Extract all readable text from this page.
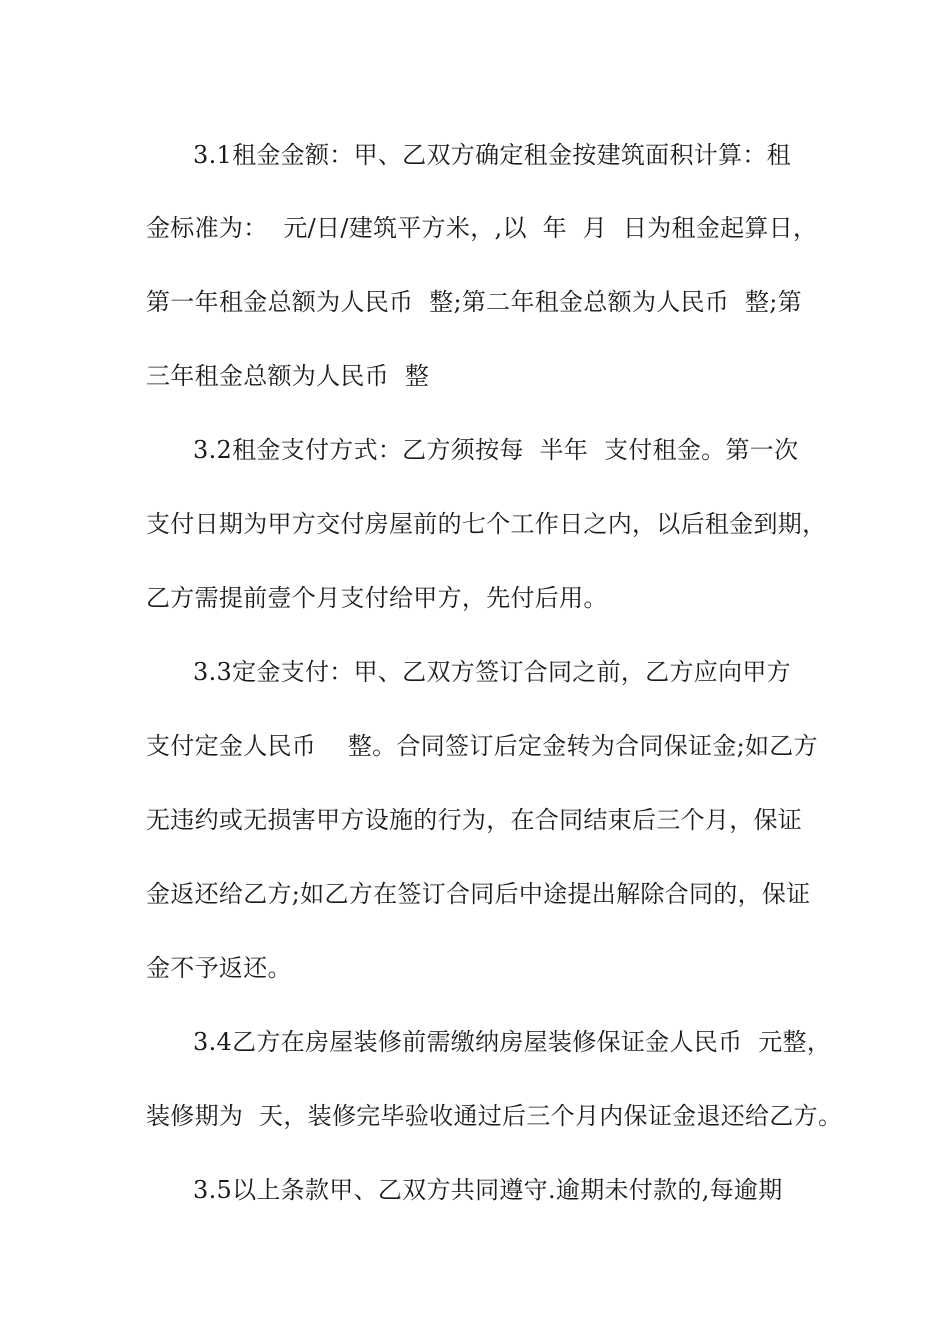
3.1租金金额：甲、乙双方确定租金按建筑面积计算：租
金标准为：  元/日/建筑平方米，,以  年  月  日为租金起算日，
第一年租金总额为人民币  整;第二年租金总额为人民币  整;第
三年租金总额为人民币  整
3.2租金支付方式：乙方须按每  半年  支付租金。第一次
支付日期为甲方交付房屋前的七个工作日之内，以后租金到期，
乙方需提前壹个月支付给甲方，先付后用。
3.3定金支付：甲、乙双方签订合同之前，乙方应向甲方
支付定金人民币    整。合同签订后定金转为合同保证金;如乙方
无违约或无损害甲方设施的行为，在合同结束后三个月，保证
金返还给乙方;如乙方在签订合同后中途提出解除合同的，保证
金不予返还。
3.4乙方在房屋装修前需缴纳房屋装修保证金人民币  元整，
装修期为  天，装修完毕验收通过后三个月内保证金退还给乙方。
3.5以上条款甲、乙双方共同遵守.逾期未付款的,每逾期
